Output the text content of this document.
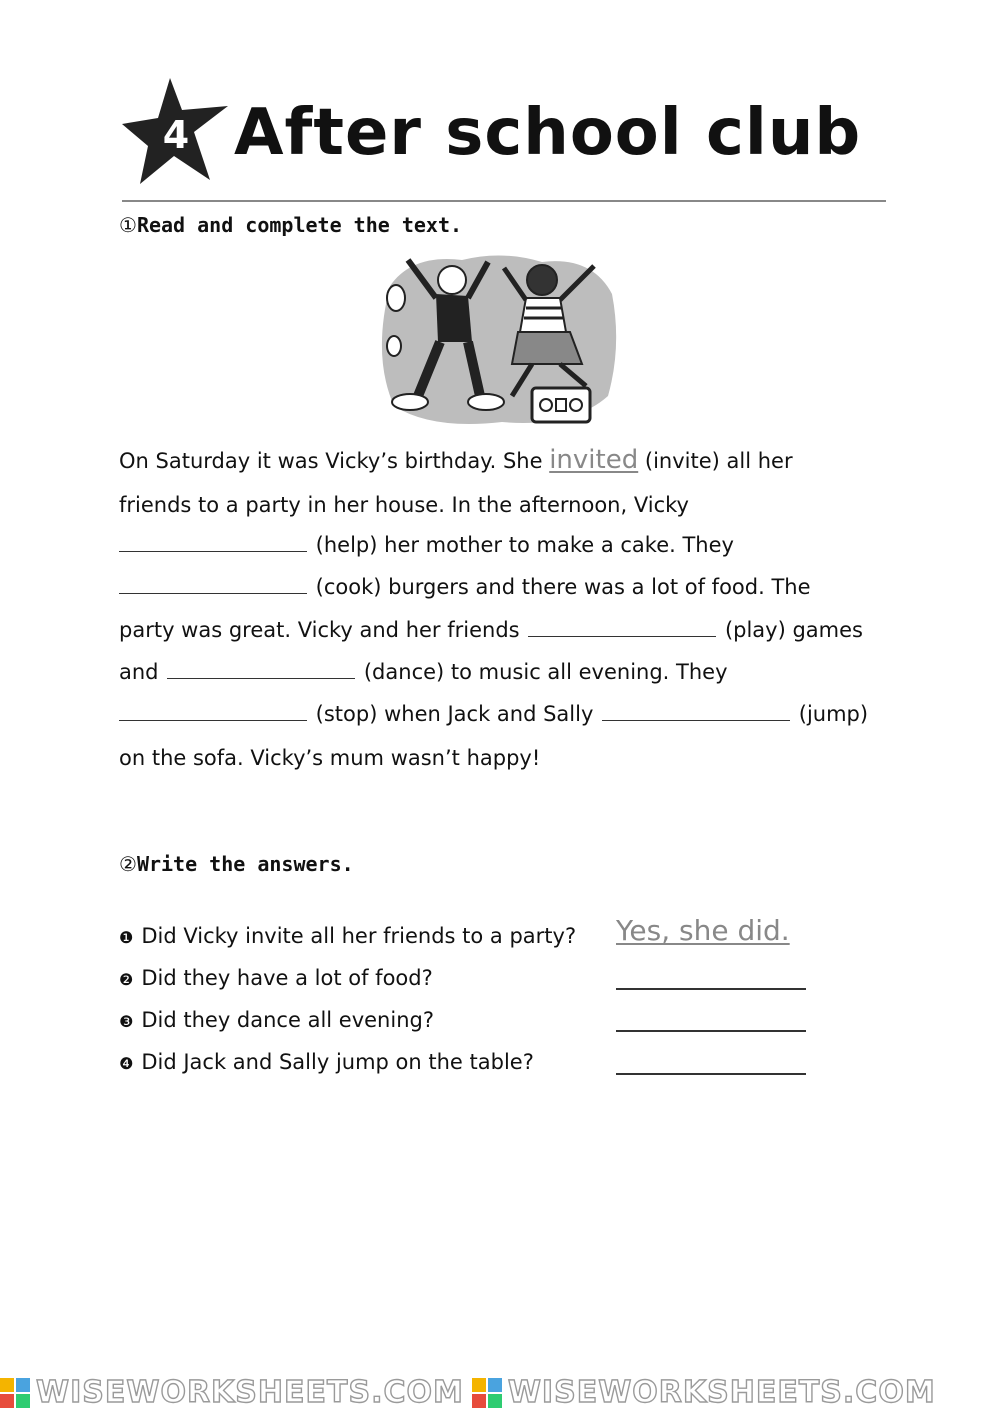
4 After school club
①Read and complete the text.
On Saturday it was Vicky’s birthday. She invited (invite) all her
friends to a party in her house. In the afternoon, Vicky
(help) her mother to make a cake. They
(cook) burgers and there was a lot of food. The
party was great. Vicky and her friends	(play) games
and	(dance) to music all evening. They
(stop) when Jack and Sally	(jump)
on the sofa. Vicky’s mum wasn’t happy!
②Write the answers.
❶ Did Vicky invite all her friends to a party? Yes, she did.
❷ Did they have a lot of food?
❸ Did they dance all evening?
❹ Did Jack and Sally jump on the table?
WISEWORKSHEETS.COM WISEWORKSHEETS.COM
